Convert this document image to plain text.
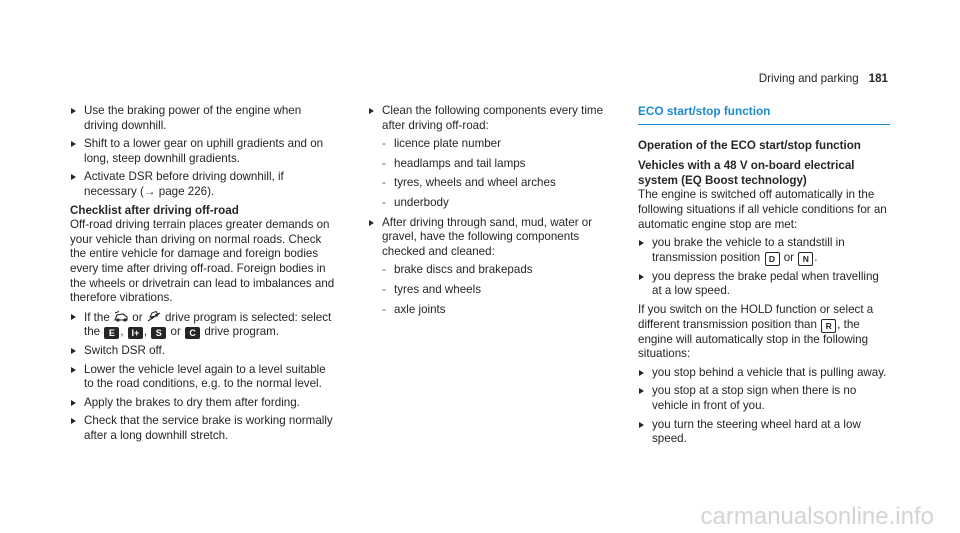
Driving and parking 181
Use the braking power of the engine when driving downhill.
Shift to a lower gear on uphill gradients and on long, steep downhill gradients.
Activate DSR before driving downhill, if necessary (→ page 226).
Checklist after driving off-road
Off-road driving terrain places greater demands on your vehicle than driving on normal roads. Check the entire vehicle for damage and foreign bodies every time after driving off-road. Foreign bodies in the wheels or drivetrain can lead to imbalances and therefore vibrations.
If the or drive program is selected: select the E , I+ , S or C drive program.
Switch DSR off.
Lower the vehicle level again to a level suitable to the road conditions, e.g. to the normal level.
Apply the brakes to dry them after fording.
Check that the service brake is working normally after a long downhill stretch.
Clean the following components every time after driving off-road:
- licence plate number
- headlamps and tail lamps
- tyres, wheels and wheel arches
- underbody
After driving through sand, mud, water or gravel, have the following components checked and cleaned:
- brake discs and brakepads
- tyres and wheels
- axle joints
ECO start/stop function
Operation of the ECO start/stop function
Vehicles with a 48 V on-board electrical system (EQ Boost technology)
The engine is switched off automatically in the following situations if all vehicle conditions for an automatic engine stop are met:
you brake the vehicle to a standstill in transmission position D or N .
you depress the brake pedal when travelling at a low speed.
If you switch on the HOLD function or select a different transmission position than R , the engine will automatically stop in the following situations:
you stop behind a vehicle that is pulling away.
you stop at a stop sign when there is no vehicle in front of you.
you turn the steering wheel hard at a low speed.
carmanualsonline.info
